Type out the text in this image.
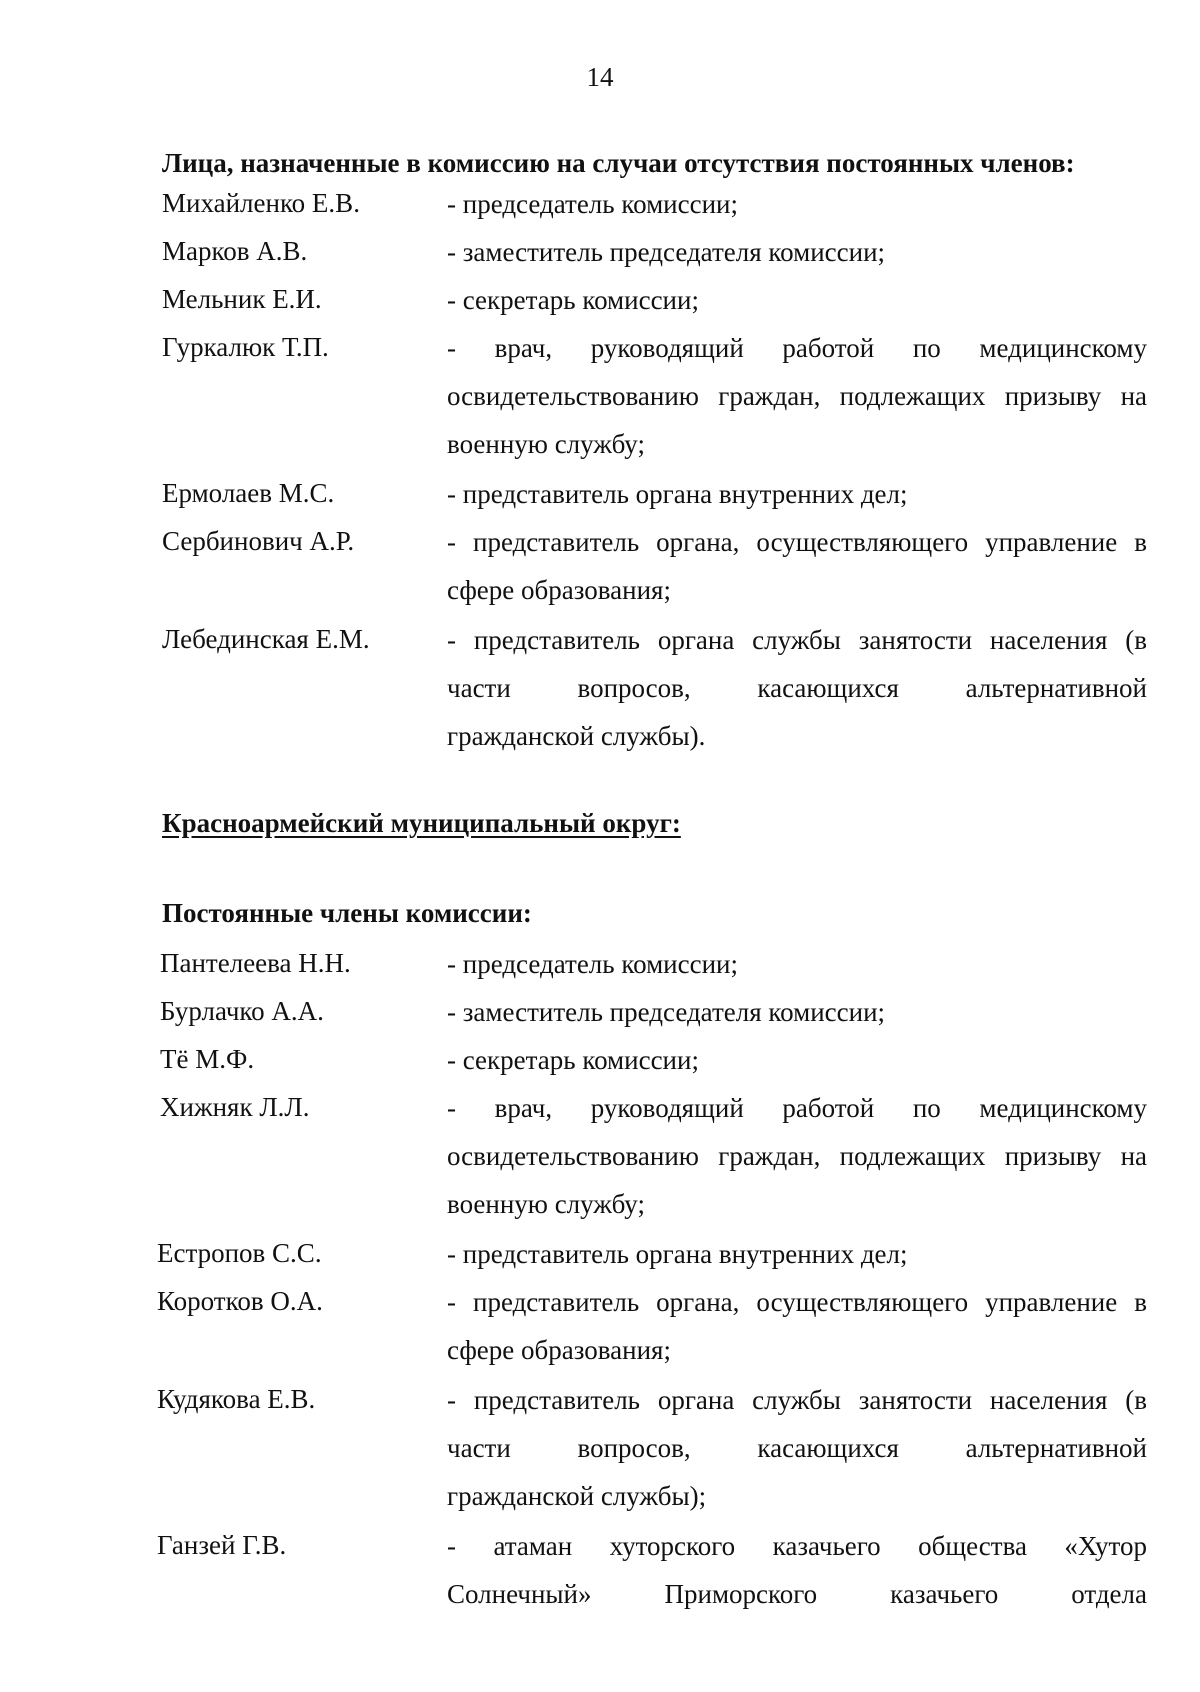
14
Лица, назначенные в комиссию на случаи отсутствия постоянных членов:
Михайленко Е.В.	- председатель комиссии;
Марков А.В.	- заместитель председателя комиссии;
Мельник Е.И.	- секретарь комиссии;
Гуркалюк Т.П.	- врач, руководящий работой по медицинскому
освидетельствованию граждан, подлежащих призыву на
военную службу;
Ермолаев М.С.	- представитель органа внутренних дел;
Сербинович А.Р.	- представитель органа, осуществляющего управление в
сфере образования;
Лебединская Е.М.	- представитель органа службы занятости населения (в
части вопросов, касающихся альтернативной
гражданской службы).
Красноармейский муниципальный округ:
Постоянные члены комиссии:
Пантелеева Н.Н.	- председатель комиссии;
Бурлачко А.А.	- заместитель председателя комиссии;
Тё М.Ф.	- секретарь комиссии;
Хижняк Л.Л.	- врач, руководящий работой по медицинскому
освидетельствованию граждан, подлежащих призыву на
военную службу;
Естропов С.С.	- представитель органа внутренних дел;
Коротков О.А.	- представитель органа, осуществляющего управление в
сфере образования;
Кудякова Е.В.	- представитель органа службы занятости населения (в
части вопросов, касающихся альтернативной
гражданской службы);
Ганзей Г.В.	- атаман хуторского казачьего общества «Хутор
Солнечный» Приморского казачьего отдела
